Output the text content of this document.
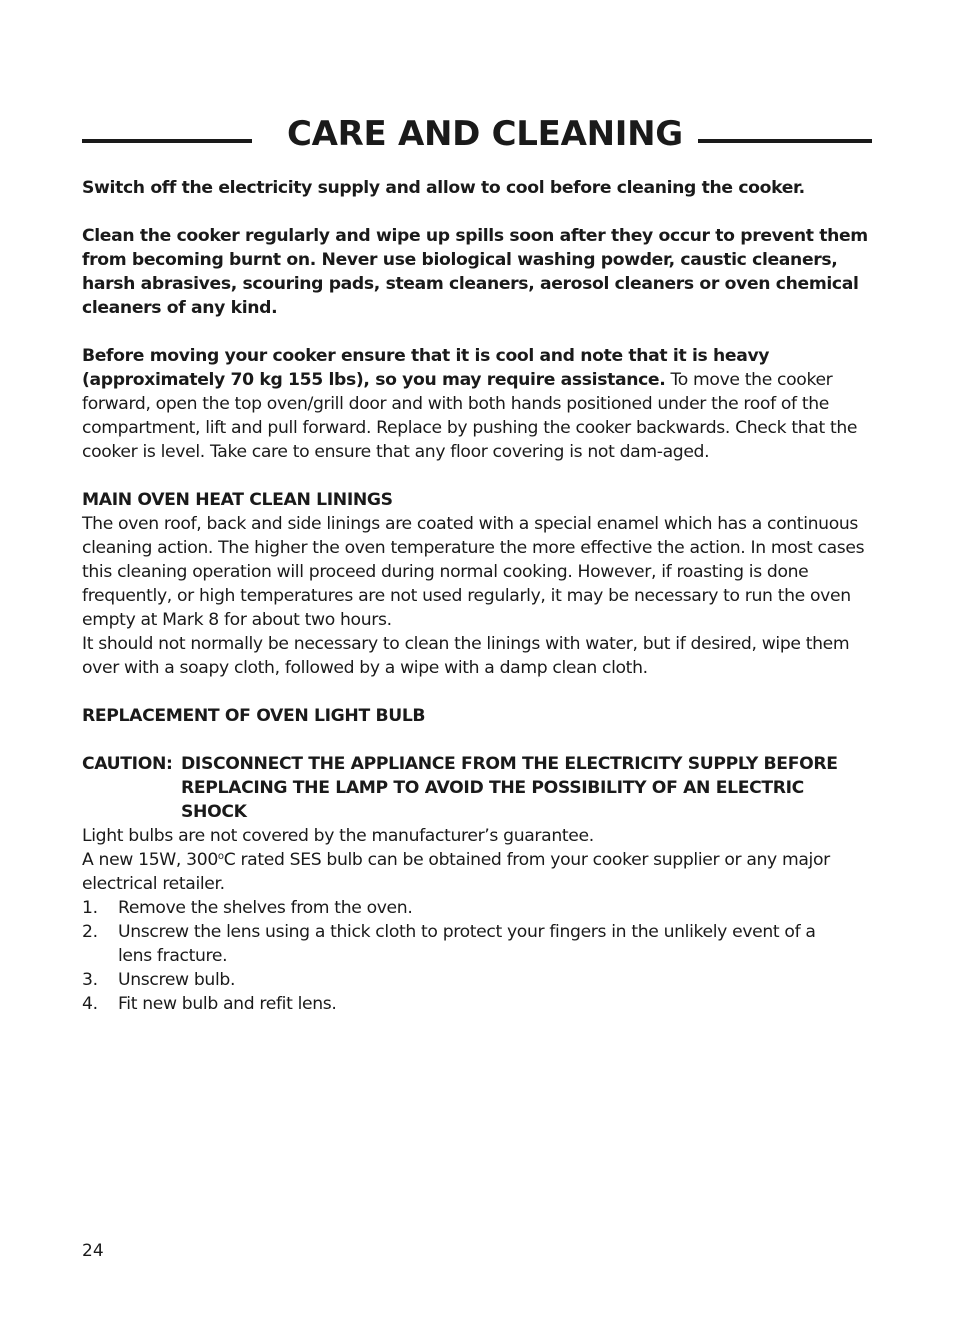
CARE AND CLEANING

Switch off the electricity supply and allow to cool before cleaning the cooker.

Clean the cooker regularly and wipe up spills soon after they occur to prevent them from becoming burnt on. Never use biological washing powder, caustic cleaners, harsh abrasives, scouring pads, steam cleaners, aerosol cleaners or oven chemical cleaners of any kind.

Before moving your cooker ensure that it is cool and note that it is heavy (approximately 70 kg 155 lbs), so you may require assistance. To move the cooker forward, open the top oven/grill door and with both hands positioned under the roof of the compartment, lift and pull forward. Replace by pushing the cooker backwards. Check that the cooker is level. Take care to ensure that any floor covering is not dam-aged.

MAIN OVEN HEAT CLEAN LININGS

The oven roof, back and side linings are coated with a special enamel which has a continuous cleaning action. The higher the oven temperature the more effective the action. In most cases this cleaning operation will proceed during normal cooking. However, if roasting is done frequently, or high temperatures are not used regularly, it may be necessary to run the oven empty at Mark 8 for about two hours.

It should not normally be necessary to clean the linings with water, but if desired, wipe them over with a soapy cloth, followed by a wipe with a damp clean cloth.

REPLACEMENT OF OVEN LIGHT BULB

CAUTION: DISCONNECT THE APPLIANCE FROM THE ELECTRICITY SUPPLY BEFORE REPLACING THE LAMP TO AVOID THE POSSIBILITY OF AN ELECTRIC SHOCK

Light bulbs are not covered by the manufacturer’s guarantee.

A new 15W, 300$^o$C rated SES bulb can be obtained from your cooker supplier or any major electrical retailer.

1.	Remove the shelves from the oven.
2.	Unscrew the lens using a thick cloth to protect your fingers in the unlikely event of a lens fracture.
3.	Unscrew bulb.
4.	Fit new bulb and refit lens.
24
